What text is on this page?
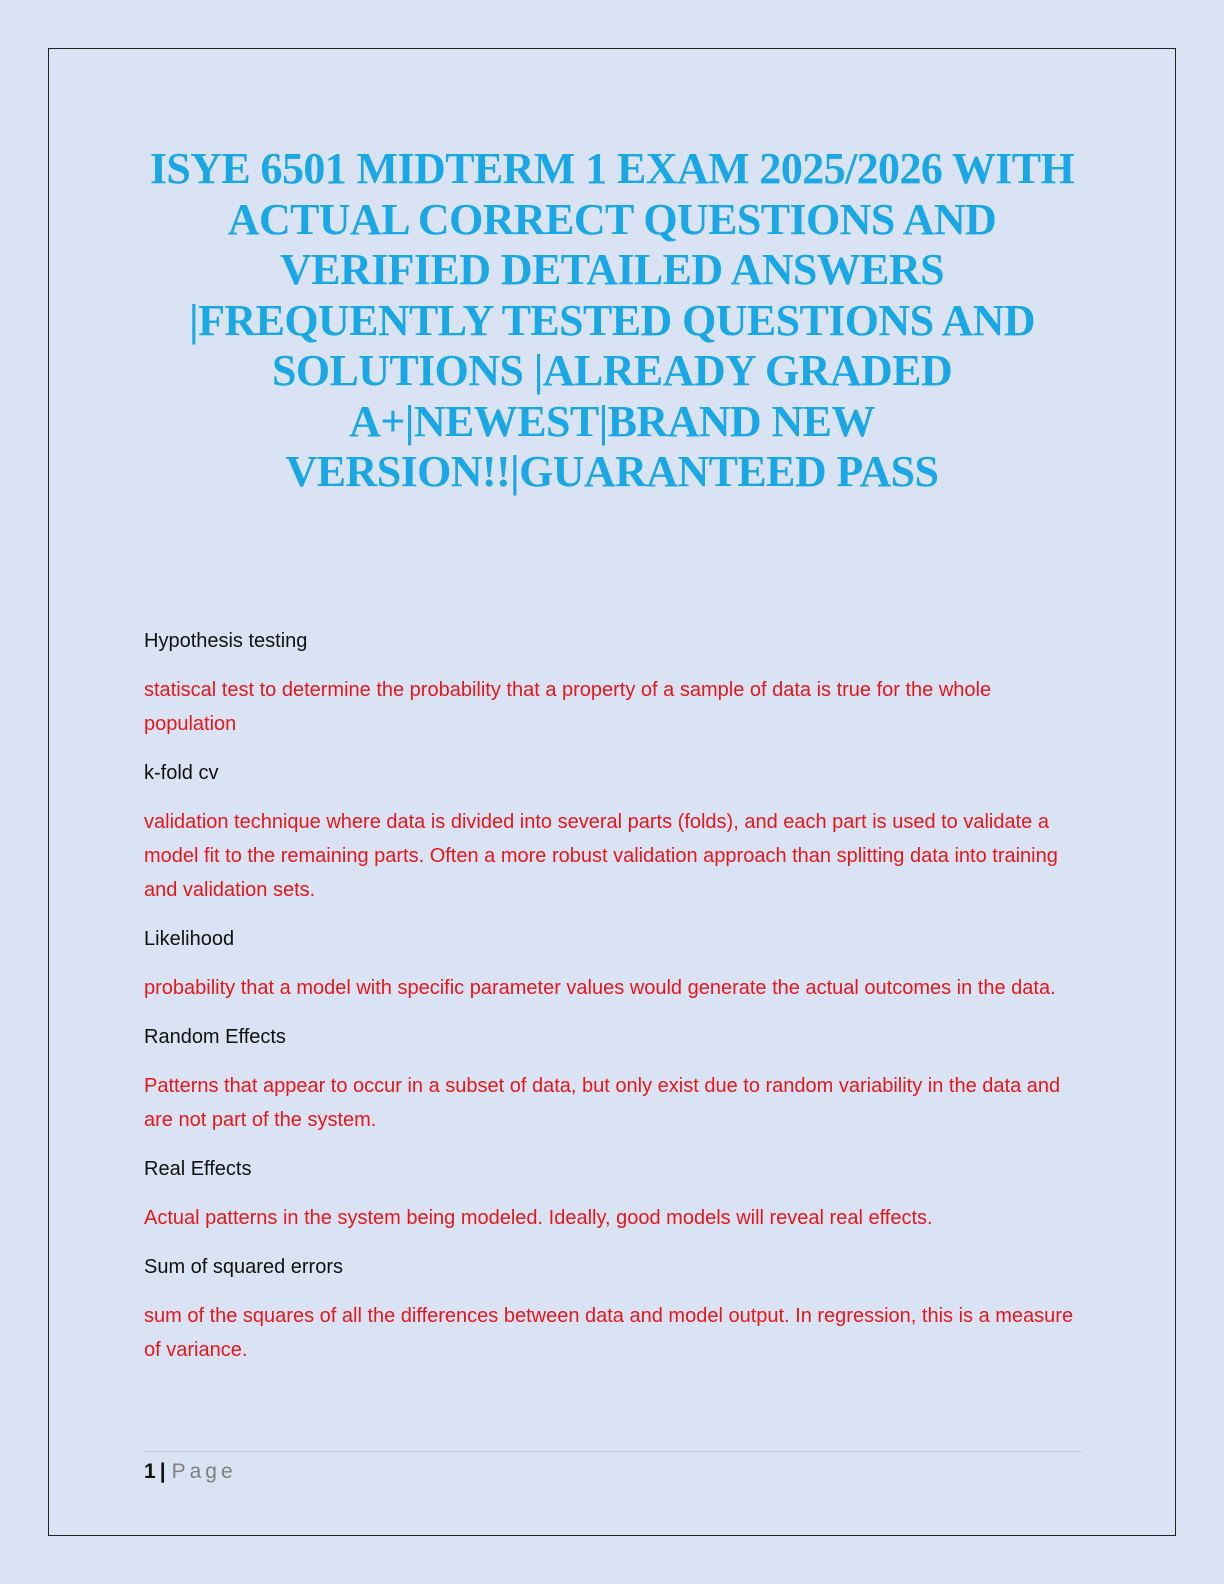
ISYE 6501 MIDTERM 1 EXAM 2025/2026 WITH
ACTUAL CORRECT QUESTIONS AND
VERIFIED DETAILED ANSWERS
|FREQUENTLY TESTED QUESTIONS AND
SOLUTIONS |ALREADY GRADED
A+|NEWEST|BRAND NEW
VERSION!!|GUARANTEED PASS

Hypothesis testing

statiscal test to determine the probability that a property of a sample of data is true for the whole population

k-fold cv

validation technique where data is divided into several parts (folds), and each part is used to validate a model fit to the remaining parts. Often a more robust validation approach than splitting data into training and validation sets.

Likelihood

probability that a model with specific parameter values would generate the actual outcomes in the data.

Random Effects

Patterns that appear to occur in a subset of data, but only exist due to random variability in the data and are not part of the system.

Real Effects

Actual patterns in the system being modeled. Ideally, good models will reveal real effects.

Sum of squared errors

sum of the squares of all the differences between data and model output. In regression, this is a measure of variance.

1 | Page
